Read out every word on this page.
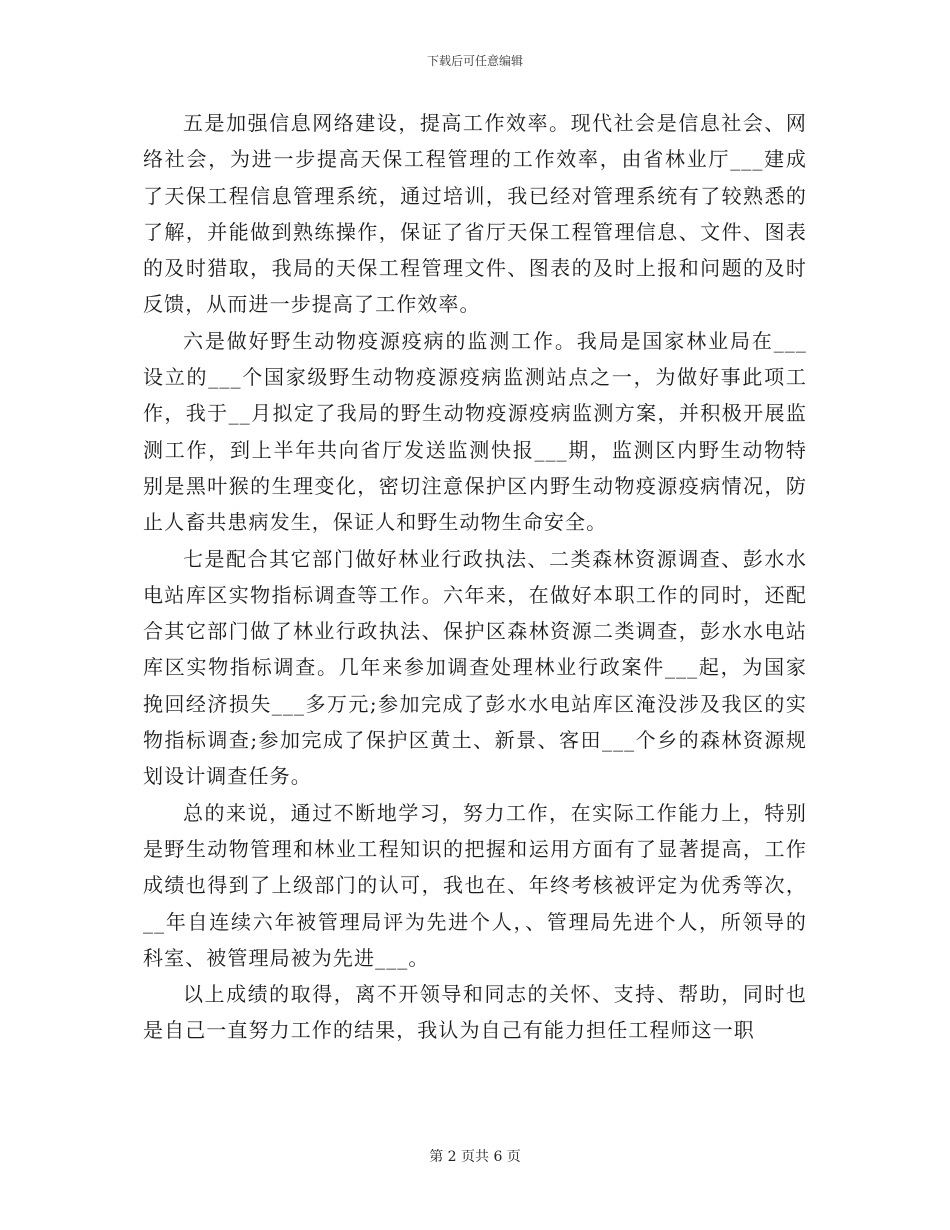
下载后可任意编辑

五是加强信息网络建设，提高工作效率。现代社会是信息社会、网络社会，为进一步提高天保工程管理的工作效率，由省林业厅___建成了天保工程信息管理系统，通过培训，我已经对管理系统有了较熟悉的了解，并能做到熟练操作，保证了省厅天保工程管理信息、文件、图表的及时猎取，我局的天保工程管理文件、图表的及时上报和问题的及时反馈，从而进一步提高了工作效率。

六是做好野生动物疫源疫病的监测工作。我局是国家林业局在___设立的___个国家级野生动物疫源疫病监测站点之一，为做好事此项工作，我于__月拟定了我局的野生动物疫源疫病监测方案，并积极开展监测工作，到上半年共向省厅发送监测快报___期，监测区内野生动物特别是黑叶猴的生理变化，密切注意保护区内野生动物疫源疫病情况，防止人畜共患病发生，保证人和野生动物生命安全。

七是配合其它部门做好林业行政执法、二类森林资源调查、彭水水电站库区实物指标调查等工作。六年来，在做好本职工作的同时，还配合其它部门做了林业行政执法、保护区森林资源二类调查，彭水水电站库区实物指标调查。几年来参加调查处理林业行政案件___起，为国家挽回经济损失___多万元;参加完成了彭水水电站库区淹没涉及我区的实物指标调查;参加完成了保护区黄土、新景、客田___个乡的森林资源规划设计调查任务。

总的来说，通过不断地学习，努力工作，在实际工作能力上，特别是野生动物管理和林业工程知识的把握和运用方面有了显著提高，工作成绩也得到了上级部门的认可，我也在、年终考核被评定为优秀等次，__年自连续六年被管理局评为先进个人，、管理局先进个人，所领导的科室、被管理局被为先进___。

以上成绩的取得，离不开领导和同志的关怀、支持、帮助，同时也是自己一直努力工作的结果，我认为自己有能力担任工程师这一职

第 2 页共 6 页
